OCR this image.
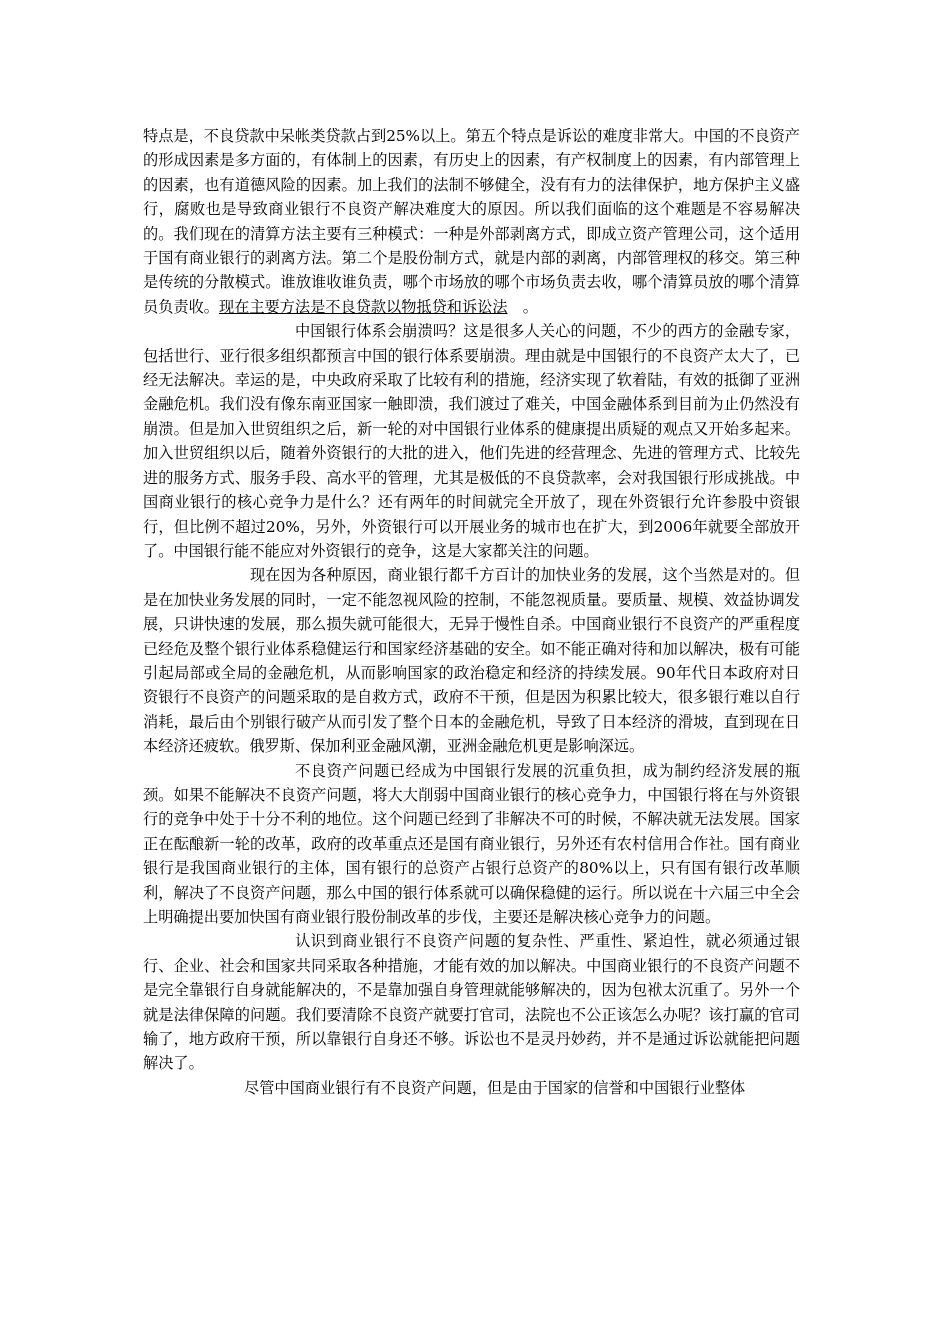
特点是，不良贷款中呆帐类贷款占到25%以上。第五个特点是诉讼的难度非常大。中国的不良资产的形成因素是多方面的，有体制上的因素，有历史上的因素，有产权制度上的因素，有内部管理上的因素，也有道德风险的因素。加上我们的法制不够健全，没有有力的法律保护，地方保护主义盛行，腐败也是导致商业银行不良资产解决难度大的原因。所以我们面临的这个难题是不容易解决的。我们现在的清算方法主要有三种模式：一种是外部剥离方式，即成立资产管理公司，这个适用于国有商业银行的剥离方法。第二个是股份制方式，就是内部的剥离，内部管理权的移交。第三种是传统的分散模式。谁放谁收谁负责，哪个市场放的哪个市场负责去收，哪个清算员放的哪个清算员负责收。现在主要方法是不良贷款以物抵贷和诉讼法　。

中国银行体系会崩溃吗？这是很多人关心的问题，不少的西方的金融专家，包括世行、亚行很多组织都预言中国的银行体系要崩溃。理由就是中国银行的不良资产太大了，已经无法解决。幸运的是，中央政府采取了比较有利的措施，经济实现了软着陆，有效的抵御了亚洲金融危机。我们没有像东南亚国家一触即溃，我们渡过了难关，中国金融体系到目前为止仍然没有崩溃。但是加入世贸组织之后，新一轮的对中国银行业体系的健康提出质疑的观点又开始多起来。加入世贸组织以后，随着外资银行的大批的进入，他们先进的经营理念、先进的管理方式、比较先进的服务方式、服务手段、高水平的管理，尤其是极低的不良贷款率，会对我国银行形成挑战。中国商业银行的核心竞争力是什么？还有两年的时间就完全开放了，现在外资银行允许参股中资银行，但比例不超过20%，另外，外资银行可以开展业务的城市也在扩大，到2006年就要全部放开了。中国银行能不能应对外资银行的竞争，这是大家都关注的问题。

现在因为各种原因，商业银行都千方百计的加快业务的发展，这个当然是对的。但是在加快业务发展的同时，一定不能忽视风险的控制，不能忽视质量。要质量、规模、效益协调发展，只讲快速的发展，那么损失就可能很大，无异于慢性自杀。中国商业银行不良资产的严重程度已经危及整个银行业体系稳健运行和国家经济基础的安全。如不能正确对待和加以解决，极有可能引起局部或全局的金融危机，从而影响国家的政治稳定和经济的持续发展。90年代日本政府对日资银行不良资产的问题采取的是自救方式，政府不干预，但是因为积累比较大，很多银行难以自行消耗，最后由个别银行破产从而引发了整个日本的金融危机，导致了日本经济的滑坡，直到现在日本经济还疲软。俄罗斯、保加利亚金融风潮，亚洲金融危机更是影响深远。

不良资产问题已经成为中国银行发展的沉重负担，成为制约经济发展的瓶颈。如果不能解决不良资产问题，将大大削弱中国商业银行的核心竞争力，中国银行将在与外资银行的竞争中处于十分不利的地位。这个问题已经到了非解决不可的时候，不解决就无法发展。国家正在酝酿新一轮的改革，政府的改革重点还是国有商业银行，另外还有农村信用合作社。国有商业银行是我国商业银行的主体，国有银行的总资产占银行总资产的80%以上，只有国有银行改革顺利，解决了不良资产问题，那么中国的银行体系就可以确保稳健的运行。所以说在十六届三中全会上明确提出要加快国有商业银行股份制改革的步伐，主要还是解决核心竞争力的问题。

认识到商业银行不良资产问题的复杂性、严重性、紧迫性，就必须通过银行、企业、社会和国家共同采取各种措施，才能有效的加以解决。中国商业银行的不良资产问题不是完全靠银行自身就能解决的，不是靠加强自身管理就能够解决的，因为包袱太沉重了。另外一个就是法律保障的问题。我们要清除不良资产就要打官司，法院也不公正该怎么办呢？该打赢的官司输了，地方政府干预，所以靠银行自身还不够。诉讼也不是灵丹妙药，并不是通过诉讼就能把问题解决了。

尽管中国商业银行有不良资产问题，但是由于国家的信誉和中国银行业整体
